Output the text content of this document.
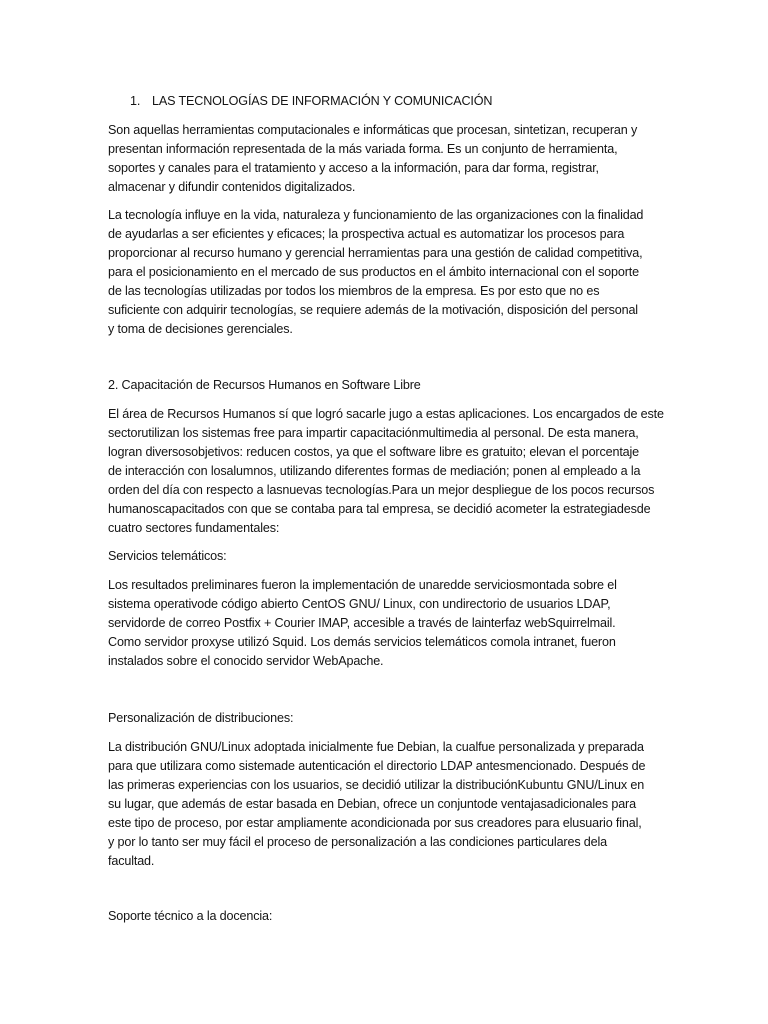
1. LAS TECNOLOGÍAS DE INFORMACIÓN Y COMUNICACIÓN

Son aquellas herramientas computacionales e informáticas que procesan, sintetizan, recuperan y

presentan información representada de la más variada forma. Es un conjunto de herramienta,

soportes y canales para el tratamiento y acceso a la información, para dar forma, registrar,

almacenar y difundir contenidos digitalizados.

La tecnología influye en la vida, naturaleza y funcionamiento de las organizaciones con la finalidad

de ayudarlas a ser eficientes y eficaces; la prospectiva actual es automatizar los procesos para

proporcionar al recurso humano y gerencial herramientas para una gestión de calidad competitiva,

para el posicionamiento en el mercado de sus productos en el ámbito internacional con el soporte

de las tecnologías utilizadas por todos los miembros de la empresa. Es por esto que no es

suficiente con adquirir tecnologías, se requiere además de la motivación, disposición del personal

y toma de decisiones gerenciales.

2. Capacitación de Recursos Humanos en Software Libre

El área de Recursos Humanos sí que logró sacarle jugo a estas aplicaciones. Los encargados de este

sectorutilizan los sistemas free para impartir capacitaciónmultimedia al personal. De esta manera,

logran diversosobjetivos: reducen costos, ya que el software libre es gratuito; elevan el porcentaje

de interacción con losalumnos, utilizando diferentes formas de mediación; ponen al empleado a la

orden del día con respecto a lasnuevas tecnologías.Para un mejor despliegue de los pocos recursos

humanoscapacitados con que se contaba para tal empresa, se decidió acometer la estrategiadesde

cuatro sectores fundamentales:

Servicios telemáticos:

Los resultados preliminares fueron la implementación de unaredde serviciosmontada sobre el

sistema operativode código abierto CentOS GNU/ Linux, con undirectorio de usuarios LDAP,

servidorde de correo Postfix + Courier IMAP, accesible a través de lainterfaz webSquirrelmail.

Como servidor proxyse utilizó Squid. Los demás servicios telemáticos comola intranet, fueron

instalados sobre el conocido servidor WebApache.

Personalización de distribuciones:

La distribución GNU/Linux adoptada inicialmente fue Debian, la cualfue personalizada y preparada

para que utilizara como sistemade autenticación el directorio LDAP antesmencionado. Después de

las primeras experiencias con los usuarios, se decidió utilizar la distribuciónKubuntu GNU/Linux en

su lugar, que además de estar basada en Debian, ofrece un conjuntode ventajasadicionales para

este tipo de proceso, por estar ampliamente acondicionada por sus creadores para elusuario final,

y por lo tanto ser muy fácil el proceso de personalización a las condiciones particulares dela

facultad.

Soporte técnico a la docencia:
